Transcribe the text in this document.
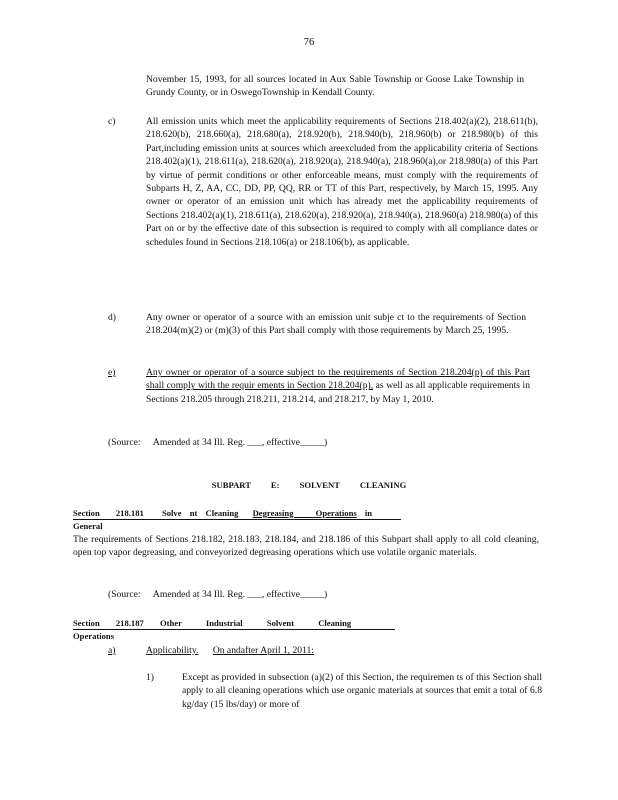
76

November 15, 1993, for all sources located in Aux Sable Township or Goose Lake Township in Grundy County, or in OswegoTownship in Kendall County.

c)	All emission units which meet the applicability requirements of Sections 218.402(a)(2), 218.611(b), 218.620(b), 218.660(a), 218.680(a), 218.920(b), 218.940(b), 218.960(b) or 218.980(b) of this Part,including emission units at sources which areexcluded from the applicability criteria of Sections 218.402(a)(1), 218.611(a), 218.620(a), 218.920(a), 218.940(a), 218.960(a),or 218.980(a) of this Part by virtue of permit conditions or other enforceable means, must comply with the requirements of Subparts H, Z, AA, CC, DD, PP, QQ, RR or TT of this Part, respectively, by March 15, 1995. Any owner or operator of an emission unit which has already met the applicability requirements of Sections 218.402(a)(1), 218.611(a), 218.620(a), 218.920(a), 218.940(a), 218.960(a) 218.980(a) of this Part on or by the effective date of this subsection is required to comply with all compliance dates or schedules found in Sections 218.106(a) or 218.106(b), as applicable.

d)	Any owner or operator of a source with an emission unit subje ct to the requirements of Section 218.204(m)(2) or (m)(3) of this Part shall comply with those requirements by March 25, 1995.

e)	Any owner or operator of a source subject to the requirements of Section 218.204(p) of this Part shall comply with the requir ements in Section 218.204(p), as well as all applicable requirements in Sections 218.205 through 218.211, 218.214, and 218.217, by May 1, 2010.

(Source: Amended at 34 Ill. Reg. ___, effective_____)
SUBPART E: SOLVENT CLEANING
Section 218.181 Solve nt Cleaning Degreasing Operations in General

The requirements of Sections 218.182, 218.183, 218.184, and 218.186 of this Subpart shall apply to all cold cleaning, open top vapor degreasing, and conveyorized degreasing operations which use volatile organic materials.

(Source: Amended at 34 Ill. Reg. ___, effective_____)
Section 218.187 Other Industrial Solvent Cleaning Operations
a)	Applicability. On andafter April 1, 2011:
1)	Except as provided in subsection (a)(2) of this Section, the requiremen ts of this Section shall apply to all cleaning operations which use organic materials at sources that emit a total of 6.8 kg/day (15 lbs/day) or more of
